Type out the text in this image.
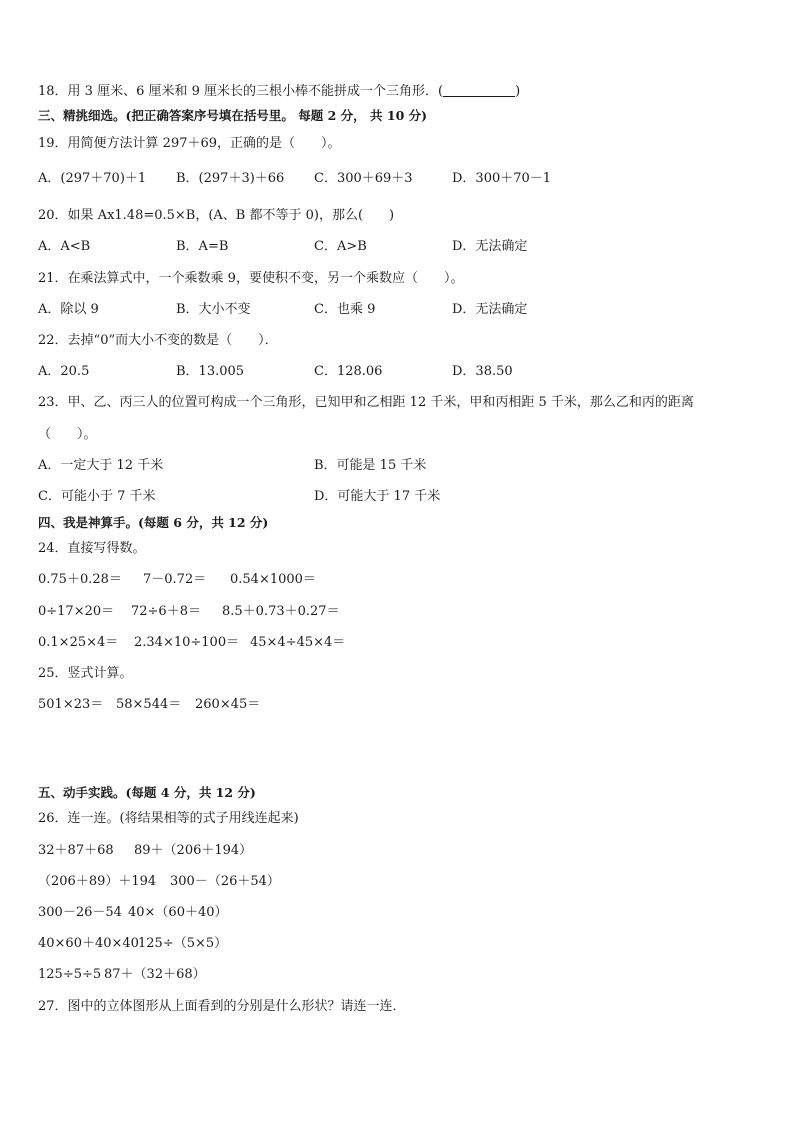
18．用 3 厘米、6 厘米和 9 厘米长的三根小棒不能拼成一个三角形．(	)
三、精挑细选。(把正确答案序号填在括号里。 每题 2 分， 共 10 分)
19．用简便方法计算 297＋69，正确的是（　　）。
A．(297＋70)＋1 B．(297＋3)＋66 C．300＋69＋3	D．300＋70－1
20．如果 Ax1.48=0.5×B，(A、B 都不等于 0)，那么(　　)
A．A<B	B．A=B	C．A>B	D．无法确定
21．在乘法算式中，一个乘数乘 9，要使积不变，另一个乘数应（　　）。
A．除以 9	B．大小不变	C．也乘 9	D．无法确定
22．去掉“0”而大小不变的数是（　　）．
A．20.5	B．13.005	C．128.06	D．38.50
23．甲、乙、丙三人的位置可构成一个三角形，已知甲和乙相距 12 千米，甲和丙相距 5 千米，那么乙和丙的距离
（　　）。
A．一定大于 12 千米	B．可能是 15 千米
C．可能小于 7 千米	D．可能大于 17 千米
四、我是神算手。(每题 6 分，共 12 分)
24．直接写得数。
0.75＋0.28＝ 7－0.72＝ 0.54×1000＝
0÷17×20＝ 72÷6＋8＝ 8.5＋0.73＋0.27＝
0.1×25×4＝ 2.34×10÷100＝ 45×4÷45×4＝
25．竖式计算。
501×23＝ 58×544＝ 260×45＝
五、动手实践。(每题 4 分，共 12 分)
26．连一连。(将结果相等的式子用线连起来)
32＋87＋68 89＋（206＋194）
（206＋89）＋194 300－（26＋54）
300－26－54 40×（60＋40）
40×60＋40×40 125÷（5×5）
125÷5÷5 87＋（32＋68）
27．图中的立体图形从上面看到的分别是什么形状？请连一连．
